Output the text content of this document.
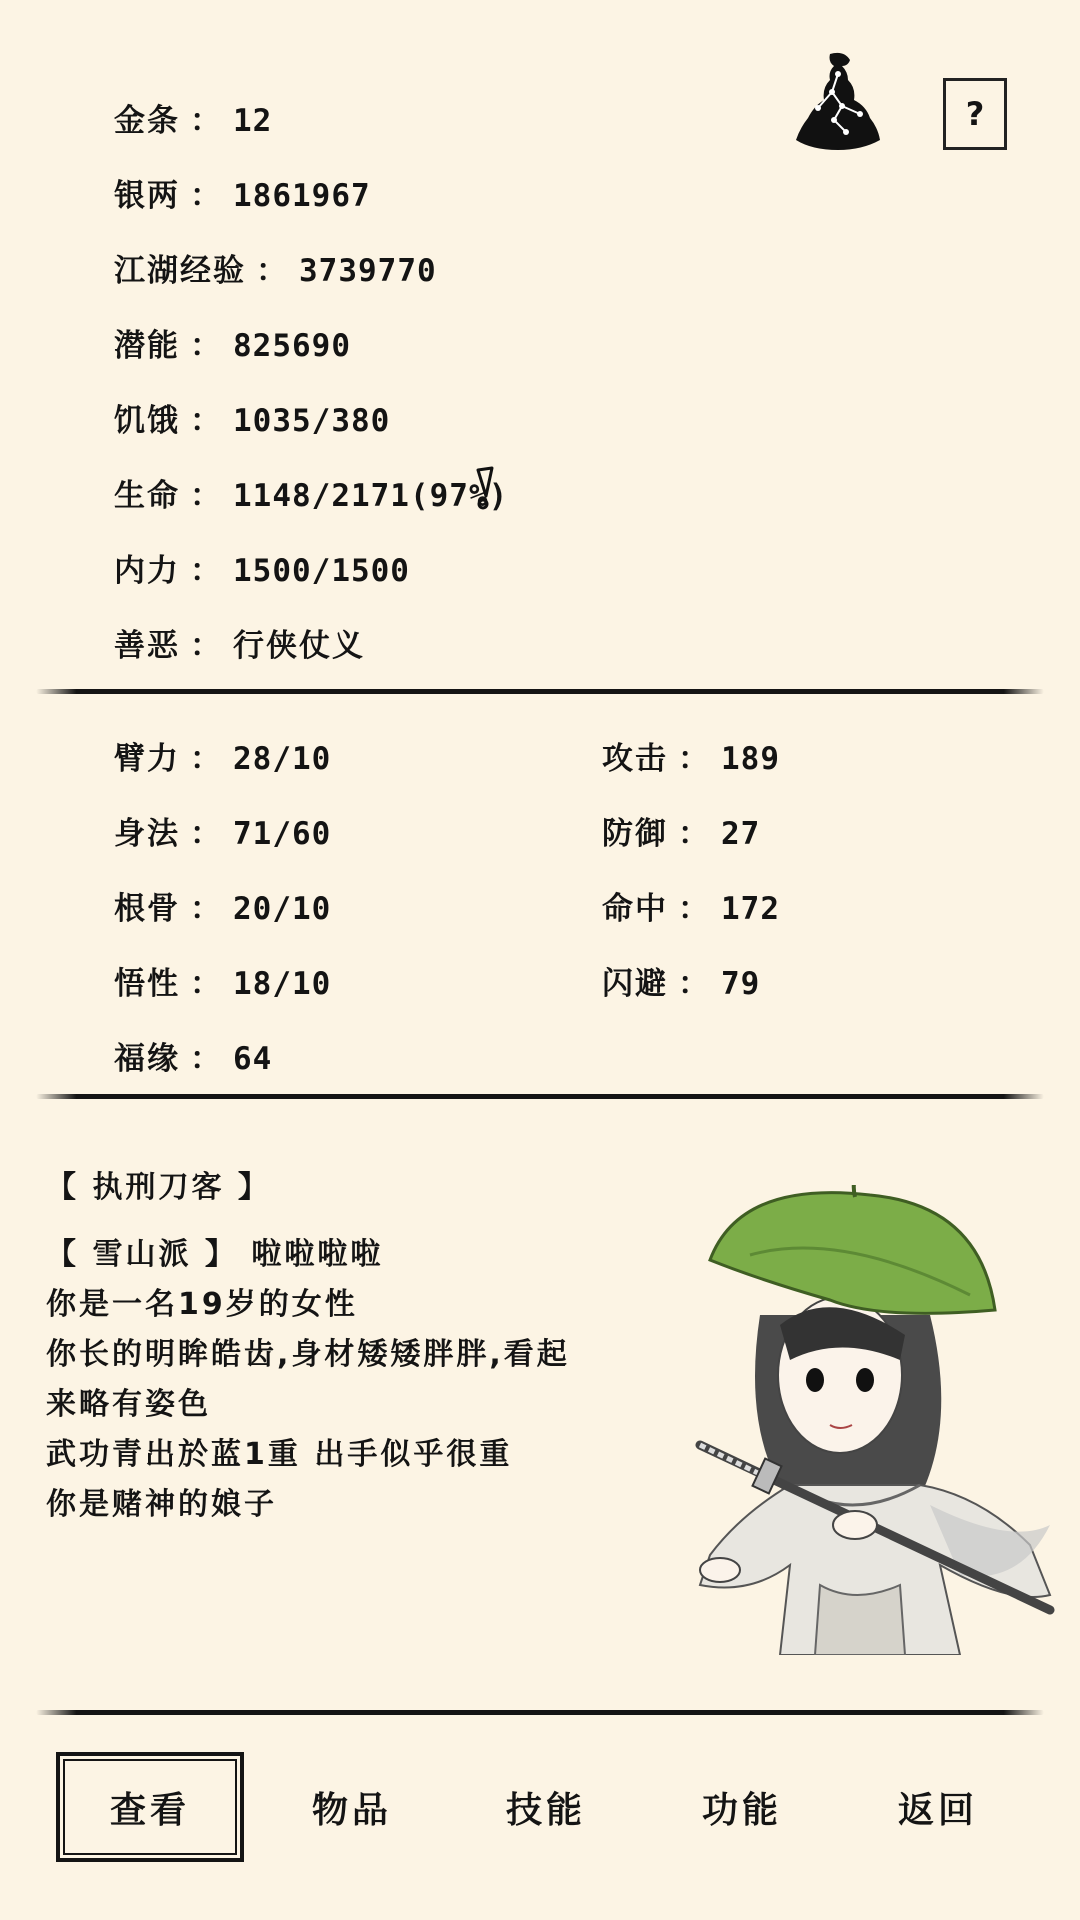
?
金条 ： 12
银两 ： 1861967
江湖经验 ： 3739770
潜能 ： 825690
饥饿 ： 1035/380
生命 ： 1148/2171(97%)
内力 ： 1500/1500
善恶 ： 行侠仗义
臂力 ： 28/10
身法 ： 71/60
根骨 ： 20/10
悟性 ： 18/10
福缘 ： 64
攻击 ： 189
防御 ： 27
命中 ： 172
闪避 ： 79
【 执刑刀客 】
【 雪山派 】 啦啦啦啦
你是一名19岁的女性
你长的明眸皓齿,身材矮矮胖胖,看起
来略有姿色
武功青出於蓝1重 出手似乎很重
你是赌神的娘子
查看	物品	技能	功能	返回
